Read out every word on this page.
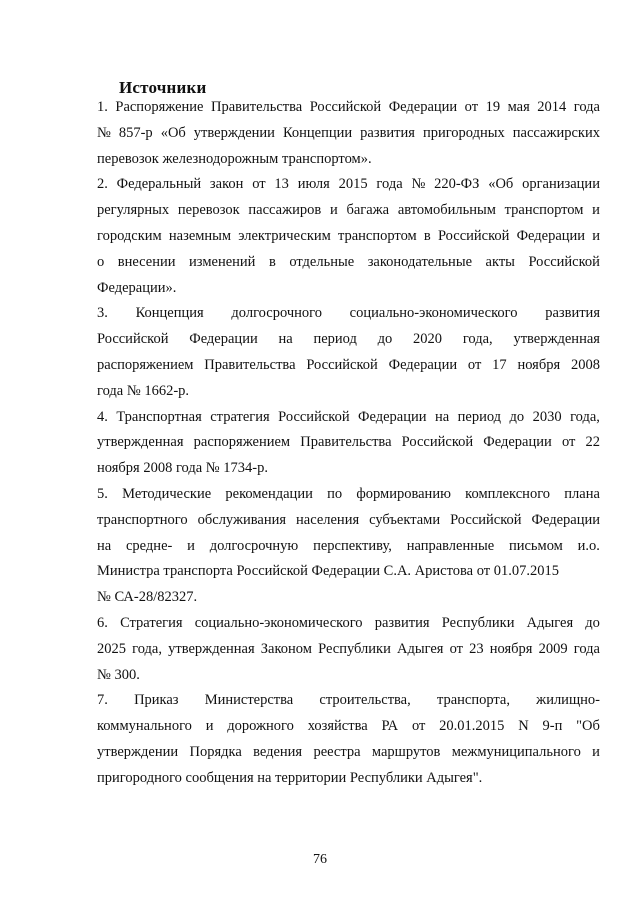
Источники
1. Распоряжение Правительства Российской Федерации от 19 мая 2014 года
№ 857-р «Об утверждении Концепции развития пригородных пассажирских
перевозок железнодорожным транспортом».
2. Федеральный закон от 13 июля 2015 года № 220-ФЗ «Об организации
регулярных перевозок пассажиров и багажа автомобильным транспортом и
городским наземным электрическим транспортом в Российской Федерации и
о внесении изменений в отдельные законодательные акты Российской
Федерации».
3. Концепция долгосрочного социально-экономического развития
Российской Федерации на период до 2020 года, утвержденная
распоряжением Правительства Российской Федерации от 17 ноября 2008
года № 1662-р.
4. Транспортная стратегия Российской Федерации на период до 2030 года,
утвержденная распоряжением Правительства Российской Федерации от 22
ноября 2008 года № 1734-р.
5. Методические рекомендации по формированию комплексного плана
транспортного обслуживания населения субъектами Российской Федерации
на средне- и долгосрочную перспективу, направленные письмом и.о.
Министра транспорта Российской Федерации С.А. Аристова от 01.07.2015
№ СА-28/82327.
6. Стратегия социально-экономического развития Республики Адыгея до
2025 года, утвержденная Законом Республики Адыгея от 23 ноября 2009 года
№ 300.
7. Приказ Министерства строительства, транспорта, жилищно-
коммунального и дорожного хозяйства РА от 20.01.2015 N 9-п "Об
утверждении Порядка ведения реестра маршрутов межмуниципального и
пригородного сообщения на территории Республики Адыгея".
76
